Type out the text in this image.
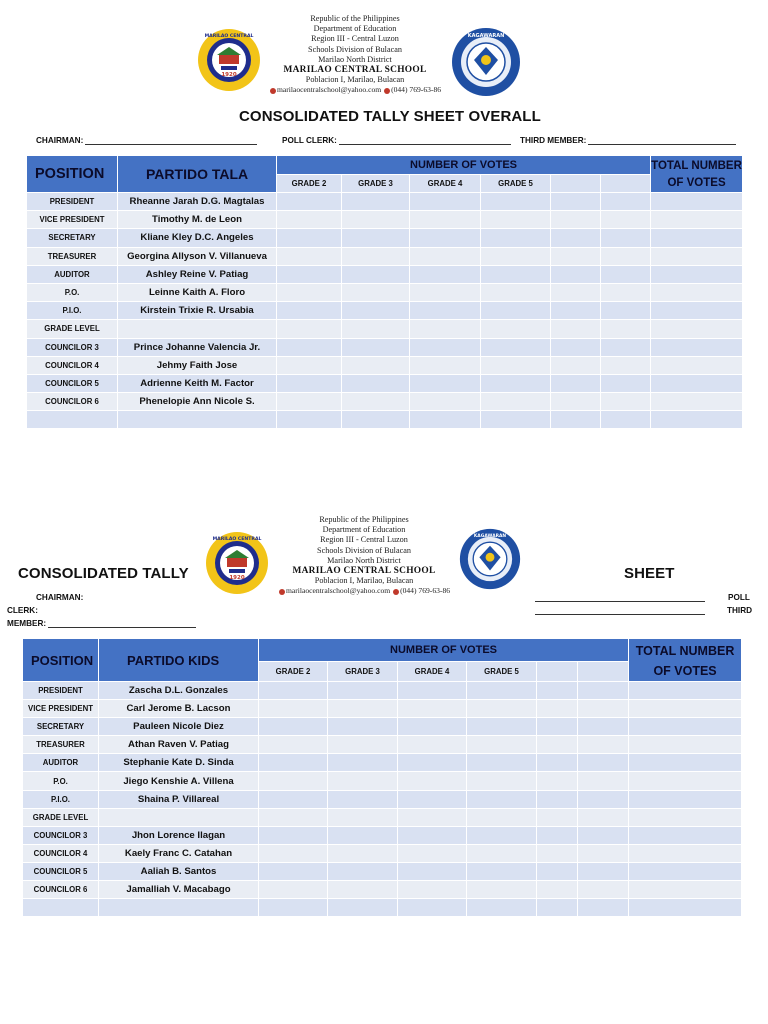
1920
MARILAO CENTRAL
Republic of the Philippines
Department of Education
Region III - Central Luzon
Schools Division of Bulacan
Marilao North District
MARILAO CENTRAL SCHOOL
Poblacion I, Marilao, Bulacan
marilaocentralschool@yahoo.com (044) 769-63-86
KAGAWARAN
CONSOLIDATED TALLY SHEET OVERALL
CHAIRMAN:	POLL CLERK:	THIRD MEMBER:
POSITION	PARTIDO TALA	NUMBER OF VOTES						TOTAL NUMBER OF VOTES
		GRADE 2	GRADE 3	GRADE 4	GRADE 5			
PRESIDENT	Rheanne Jarah D.G. Magtalas							
VICE PRESIDENT	Timothy M. de Leon							
SECRETARY	Kliane Kley D.C. Angeles							
TREASURER	Georgina Allyson V. Villanueva							
AUDITOR	Ashley Reine V. Patiag							
P.O.	Leinne Kaith A. Floro							
P.I.O.	Kirstein Trixie R. Ursabia							
GRADE LEVEL								
COUNCILOR 3	Prince Johanne Valencia Jr.							
COUNCILOR 4	Jehmy Faith Jose							
COUNCILOR 5	Adrienne Keith M. Factor							
COUNCILOR 6	Phenelopie Ann Nicole S.							

1920
MARILAO CENTRAL
Republic of the Philippines
Department of Education
Region III - Central Luzon
Schools Division of Bulacan
Marilao North District
MARILAO CENTRAL SCHOOL
Poblacion I, Marilao, Bulacan
marilaocentralschool@yahoo.com (044) 769-63-86
KAGAWARAN
CONSOLIDATED TALLY	SHEET
CHAIRMAN:
CLERK:
MEMBER:
POLL
THIRD
POSITION	PARTIDO KIDS	NUMBER OF VOTES						TOTAL NUMBER OF VOTES
		GRADE 2	GRADE 3	GRADE 4	GRADE 5			
PRESIDENT	Zascha D.L. Gonzales							
VICE PRESIDENT	Carl Jerome B. Lacson							
SECRETARY	Pauleen Nicole Diez							
TREASURER	Athan Raven V. Patiag							
AUDITOR	Stephanie Kate D. Sinda							
P.O.	Jiego Kenshie A. Villena							
P.I.O.	Shaina P. Villareal							
GRADE LEVEL								
COUNCILOR 3	Jhon Lorence Ilagan							
COUNCILOR 4	Kaely Franc C. Catahan							
COUNCILOR 5	Aaliah B. Santos							
COUNCILOR 6	Jamalliah V. Macabago							
